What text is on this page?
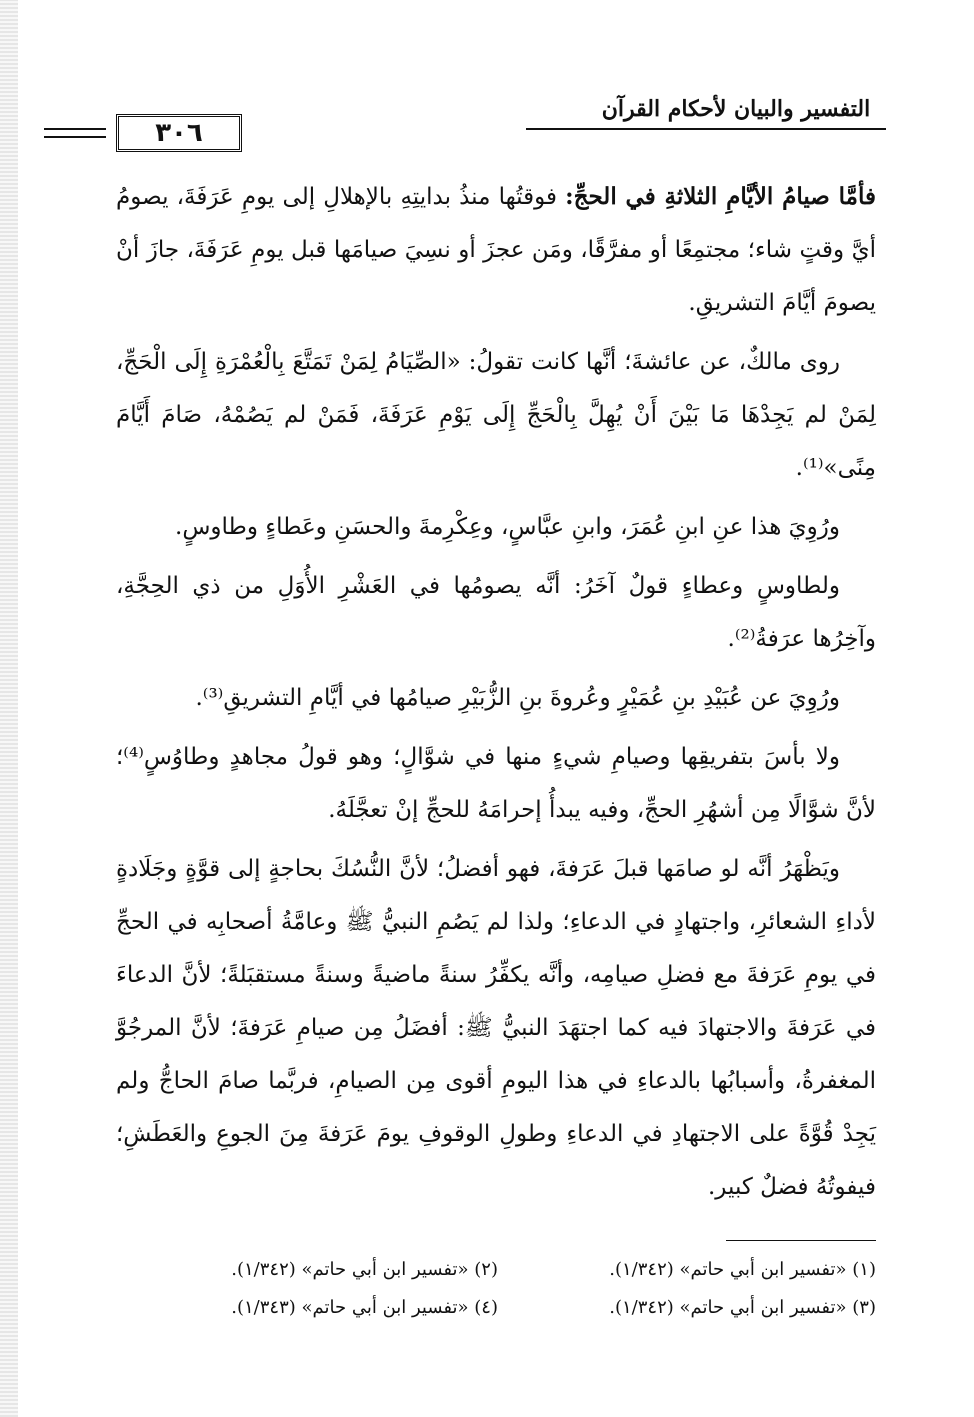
التفسير والبيان لأحكام القرآن
٣٠٦

فأمَّا صيامُ الأيَّامِ الثلاثةِ في الحجِّ: فوقتُها منذُ بدايتِهِ بالإهلالِ إلى يومِ عَرَفَةَ، يصومُ أيَّ وقتٍ شاء؛ مجتمِعًا أو مفرَّقًا، ومَن عجزَ أو نسِيَ صيامَها قبل يومِ عَرَفَةَ، جازَ أنْ يصومَ أيَّامَ التشريقِ.

روى مالكٌ، عن عائشةَ؛ أنَّها كانت تقولُ: «الصِّيَامُ لِمَنْ تَمَتَّعَ بِالْعُمْرَةِ إِلَى الْحَجِّ، لِمَنْ لم يَجِدْهَا مَا بَيْنَ أَنْ يُهِلَّ بِالْحَجِّ إِلَى يَوْمِ عَرَفَةَ، فَمَنْ لم يَصُمْهُ، صَامَ أَيَّامَ مِنًى»⁽¹⁾.

ورُوِيَ هذا عنِ ابنِ عُمَرَ، وابنِ عبَّاسٍ، وعِكْرِمةَ والحسَنِ وعَطاءٍ وطاوسٍ.

ولطاوسٍ وعطاءٍ قولٌ آخَرُ: أنَّه يصومُها في العَشْرِ الأُوَلِ من ذي الحِجَّةِ، وآخِرُها عرَفةُ⁽²⁾.

ورُوِيَ عن عُبَيْدِ بنِ عُمَيْرٍ وعُروةَ بنِ الزُّبَيْرِ صيامُها في أيَّامِ التشريقِ⁽³⁾.

ولا بأسَ بتفريقِها وصيامِ شيءٍ منها في شوَّالٍ؛ وهو قولُ مجاهدٍ وطاوُسٍ⁽⁴⁾؛ لأنَّ شوَّالًا مِن أشهُرِ الحجِّ، وفيه يبدأُ إحرامَهُ للحجِّ إنْ تعجَّلَهُ.

ويَظْهَرُ أنَّه لو صامَها قبلَ عَرَفةَ، فهو أفضلُ؛ لأنَّ النُّسُكَ بحاجةٍ إلى قوَّةٍ وجَلَادةٍ لأداءِ الشعائرِ، واجتهادٍ في الدعاءِ؛ ولذا لم يَصُمِ النبيُّ ﷺ وعامَّةُ أصحابِه في الحجِّ في يومِ عَرَفةَ مع فضلِ صيامِه، وأنَّه يكفِّرُ سنةً ماضيةً وسنةً مستقبَلةً؛ لأنَّ الدعاءَ في عَرَفةَ والاجتهادَ فيه كما اجتهَدَ النبيُّ ﷺ: أفضَلُ مِن صيامِ عَرَفةَ؛ لأنَّ المرجُوَّ المغفرةُ، وأسبابُها بالدعاءِ في هذا اليومِ أقوى مِن الصيامِ، فربَّما صامَ الحاجُّ ولم يَجِدْ قُوَّةً على الاجتهادِ في الدعاءِ وطولِ الوقوفِ يومَ عَرَفةَ مِنَ الجوعِ والعَطَشِ؛ فيفوتُهُ فضلٌ كبير.

(١) «تفسير ابن أبي حاتم» (١/٣٤٢).
(٢) «تفسير ابن أبي حاتم» (١/٣٤٢).
(٣) «تفسير ابن أبي حاتم» (١/٣٤٢).
(٤) «تفسير ابن أبي حاتم» (١/٣٤٣).
